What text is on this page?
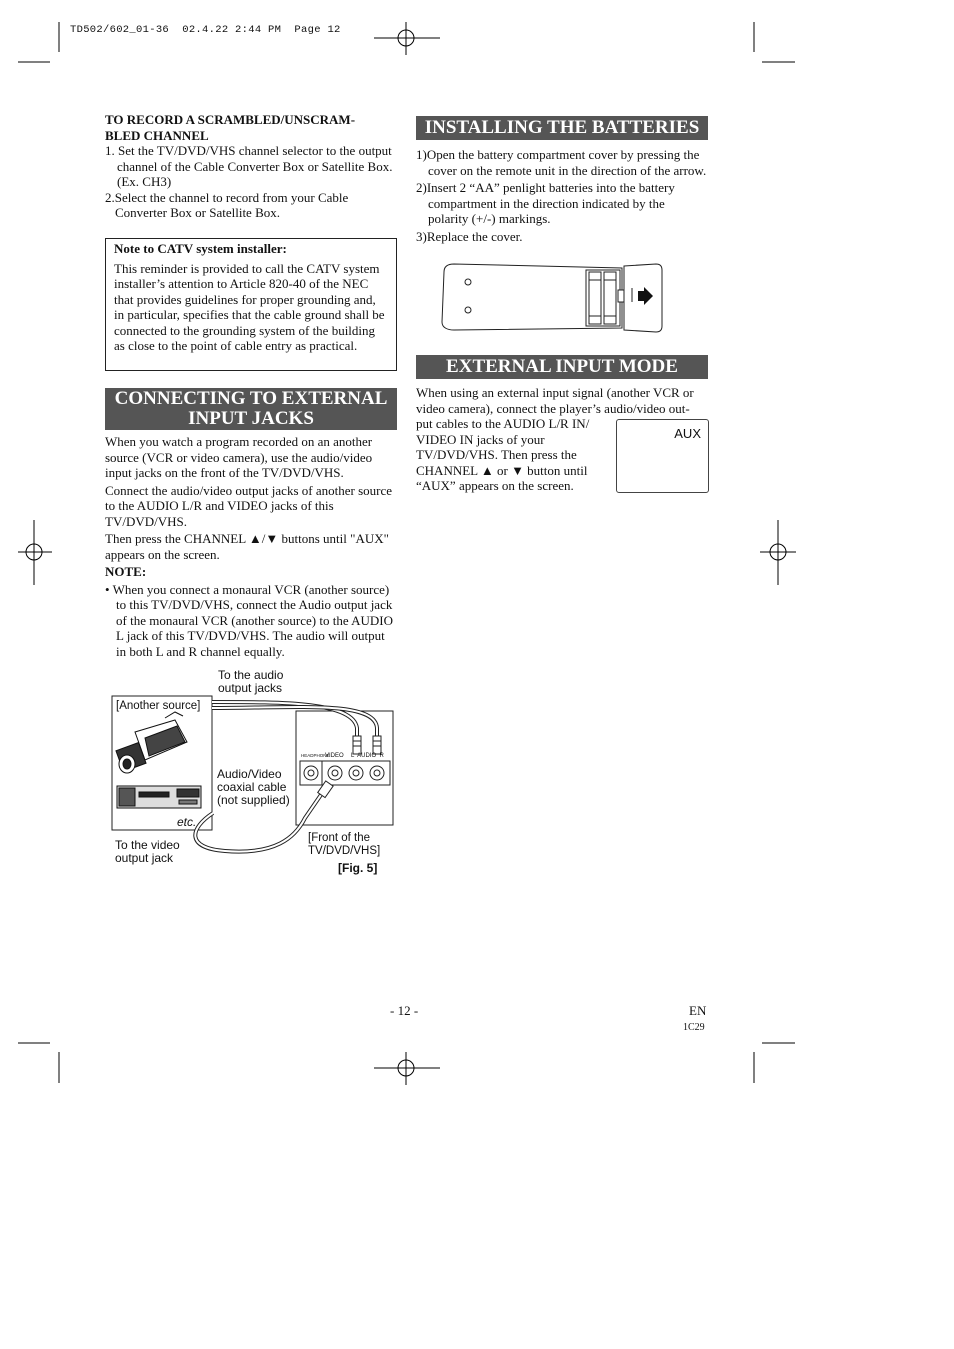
TD502/602_01-36  02.4.22 2:44 PM  Page 12
TO RECORD A SCRAMBLED/UNSCRAM-
BLED CHANNEL

1. Set the TV/DVD/VHS channel selector to the output channel of the Cable Converter Box or Satellite Box. (Ex. CH3)

2.Select the channel to record from your Cable Converter Box or Satellite Box.

Note to CATV system installer:

This reminder is provided to call the CATV system installer’s attention to Article 820-40 of the NEC that provides guidelines for proper grounding and, in particular, specifies that the cable ground shall be connected to the grounding system of the building as close to the point of cable entry as practical.

CONNECTING TO EXTERNAL
INPUT JACKS

When you watch a program recorded on an another source (VCR or video camera), use the audio/video input jacks on the front of the TV/DVD/VHS.

Connect the audio/video output jacks of another source to the AUDIO L/R and VIDEO jacks of this TV/DVD/VHS.

Then press the CHANNEL ▲/▼ buttons until "AUX" appears on the screen.

NOTE:

• When you connect a monaural VCR (another source) to this TV/DVD/VHS, connect the Audio output jack of the monaural VCR (another source) to the AUDIO L jack of this TV/DVD/VHS. The audio will output in both L and R channel equally.

HEADPHONE
VIDEO L  AUDIO  R
To the audio
output jacks
[Another source]
etc.
Audio/Video
coaxial cable
(not supplied)
To the video
output jack
[Front of the
TV/DVD/VHS]
[Fig. 5]
INSTALLING THE BATTERIES

1)Open the battery compartment cover by pressing the cover on the remote unit in the direction of the arrow.

2)Insert 2 “AA” penlight batteries into the battery compartment in the direction indicated by the polarity (+/-) markings.

3)Replace the cover.

EXTERNAL INPUT MODE
When using an external input signal (another VCR or video camera), connect the player’s audio/video out-
put cables to the AUDIO L/R IN/ VIDEO IN jacks of your TV/DVD/VHS. Then press the CHANNEL ▲ or ▼ button until “AUX” appears on the screen.
AUX
- 12 -	EN
1C29
